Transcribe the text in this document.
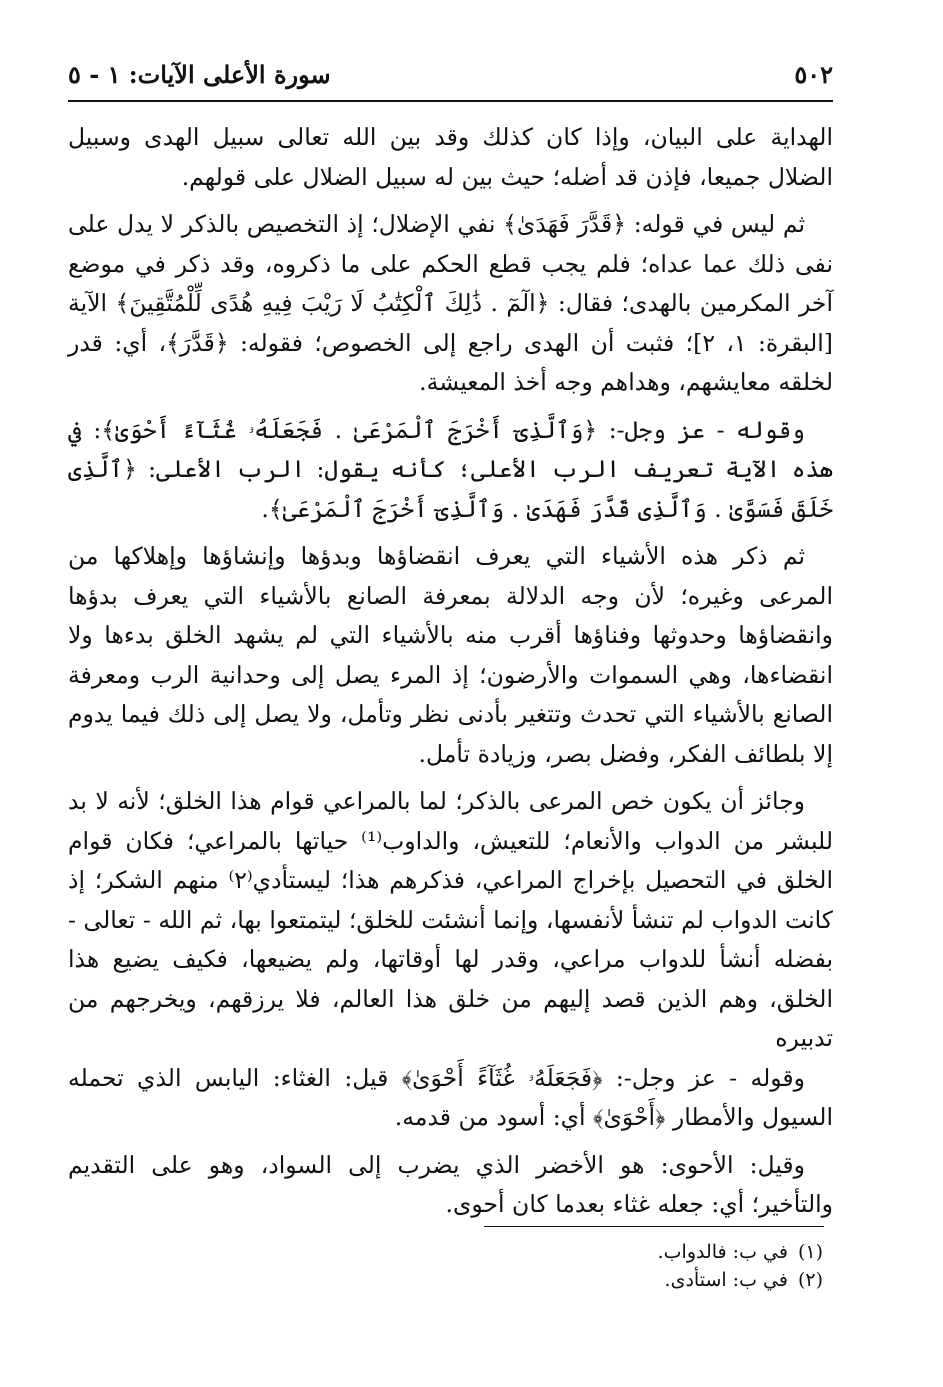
٥٠٢
سورة الأعلى الآيات: ١ - ٥

الهداية على البيان، وإذا كان كذلك وقد بين الله تعالى سبيل الهدى وسبيل الضلال جميعا، فإذن قد أضله؛ حيث بين له سبيل الضلال على قولهم.

ثم ليس في قوله: ﴿قَدَّرَ فَهَدَىٰ﴾ نفي الإضلال؛ إذ التخصيص بالذكر لا يدل على نفى ذلك عما عداه؛ فلم يجب قطع الحكم على ما ذكروه، وقد ذكر في موضع آخر المكرمين بالهدى؛ فقال: ﴿الٓمٓ . ذَٰلِكَ ٱلْكِتَٰبُ لَا رَيْبَ فِيهِ هُدًى لِّلْمُتَّقِينَ﴾ الآية [البقرة: ١، ٢]؛ فثبت أن الهدى راجع إلى الخصوص؛ فقوله: ﴿قَدَّرَ﴾، أي: قدر لخلقه معايشهم، وهداهم وجه أخذ المعيشة.

وقوله - عز وجل-: ﴿وَٱلَّذِىٓ أَخْرَجَ ٱلْمَرْعَىٰ . فَجَعَلَهُۥ غُثَآءً أَحْوَىٰ﴾: في هذه الآية تعريف الرب الأعلى؛ كأنه يقول: الرب الأعلى: ﴿ٱلَّذِى خَلَقَ فَسَوَّىٰ . وَٱلَّذِى قَدَّرَ فَهَدَىٰ . وَٱلَّذِىٓ أَخْرَجَ ٱلْمَرْعَىٰ﴾.

ثم ذكر هذه الأشياء التي يعرف انقضاؤها وبدؤها وإنشاؤها وإهلاكها من المرعى وغيره؛ لأن وجه الدلالة بمعرفة الصانع بالأشياء التي يعرف بدؤها وانقضاؤها وحدوثها وفناؤها أقرب منه بالأشياء التي لم يشهد الخلق بدءها ولا انقضاءها، وهي السموات والأرضون؛ إذ المرء يصل إلى وحدانية الرب ومعرفة الصانع بالأشياء التي تحدث وتتغير بأدنى نظر وتأمل، ولا يصل إلى ذلك فيما يدوم إلا بلطائف الفكر، وفضل بصر، وزيادة تأمل.

وجائز أن يكون خص المرعى بالذكر؛ لما بالمراعي قوام هذا الخلق؛ لأنه لا بد للبشر من الدواب والأنعام؛ للتعيش، والداوب⁽¹⁾ حياتها بالمراعي؛ فكان قوام الخلق في التحصيل بإخراج المراعي، فذكرهم هذا؛ ليستأدي⁽٢⁾ منهم الشكر؛ إذ كانت الدواب لم تنشأ لأنفسها، وإنما أنشئت للخلق؛ ليتمتعوا بها، ثم الله - تعالى - بفضله أنشأ للدواب مراعي، وقدر لها أوقاتها، ولم يضيعها، فكيف يضيع هذا الخلق، وهم الذين قصد إليهم من خلق هذا العالم، فلا يرزقهم، ويخرجهم من تدبيره

وقوله - عز وجل-: ﴿فَجَعَلَهُۥ غُثَآءً أَحْوَىٰ﴾ قيل: الغثاء: اليابس الذي تحمله السيول والأمطار ﴿أَحْوَىٰ﴾ أي: أسود من قدمه.

وقيل: الأحوى: هو الأخضر الذي يضرب إلى السواد، وهو على التقديم والتأخير؛ أي: جعله غثاء بعدما كان أحوى.

(١)في ب: فالدواب.
(٢)في ب: استأدى.
